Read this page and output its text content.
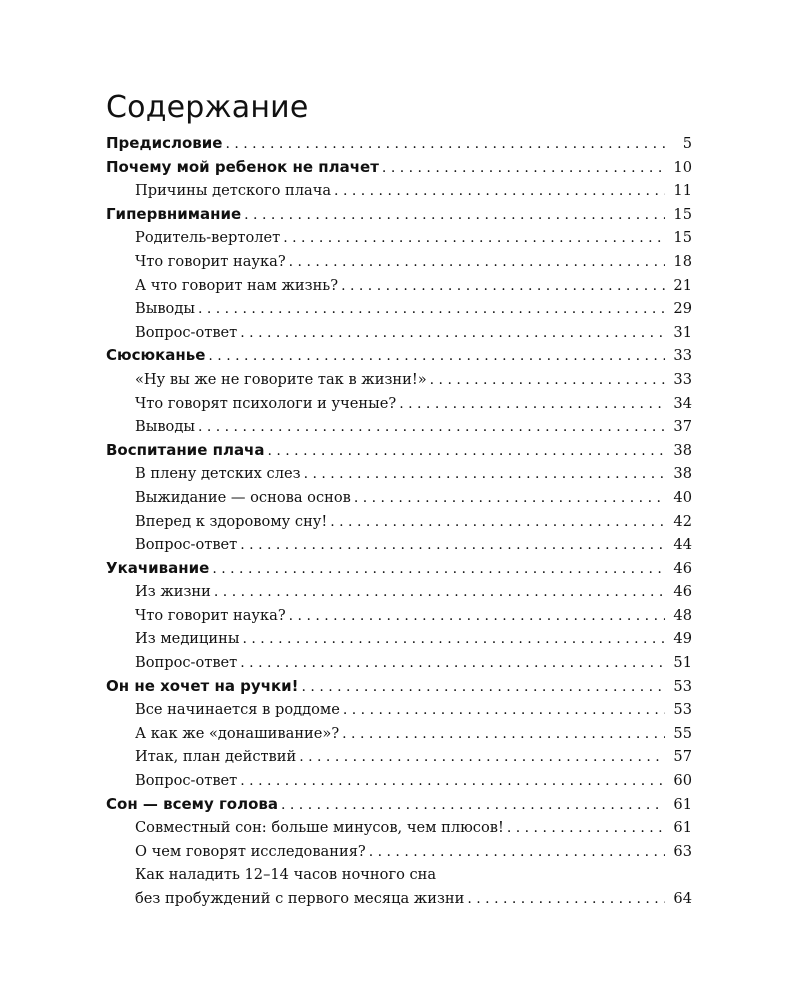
Содержание
Предисловие . . .	5
Почему мой ребенок не плачет . . .	10
Причины детского плача . . .	11
Гипервнимание . . .	15
Родитель-вертолет . . .	15
Что говорит наука? . . .	18
А что говорит нам жизнь? . . .	21
Выводы . . .	29
Вопрос-ответ . . .	31
Сюсюканье . . .	33
«Ну вы же не говорите так в жизни!» . . .	33
Что говорят психологи и ученые? . . .	34
Выводы . . .	37
Воспитание плача . . .	38
В плену детских слез . . .	38
Выжидание — основа основ . . .	40
Вперед к здоровому сну! . . .	42
Вопрос-ответ . . .	44
Укачивание . . .	46
Из жизни . . .	46
Что говорит наука? . . .	48
Из медицины . . .	49
Вопрос-ответ . . .	51
Он не хочет на ручки! . . .	53
Все начинается в роддоме . . .	53
А как же «донашивание»? . . .	55
Итак, план действий . . .	57
Вопрос-ответ . . .	60
Сон — всему голова . . .	61
Совместный сон: больше минусов, чем плюсов! . . .	61
О чем говорят исследования? . . .	63
Как наладить 12–14 часов ночного сна
без пробуждений с первого месяца жизни . . .	64
